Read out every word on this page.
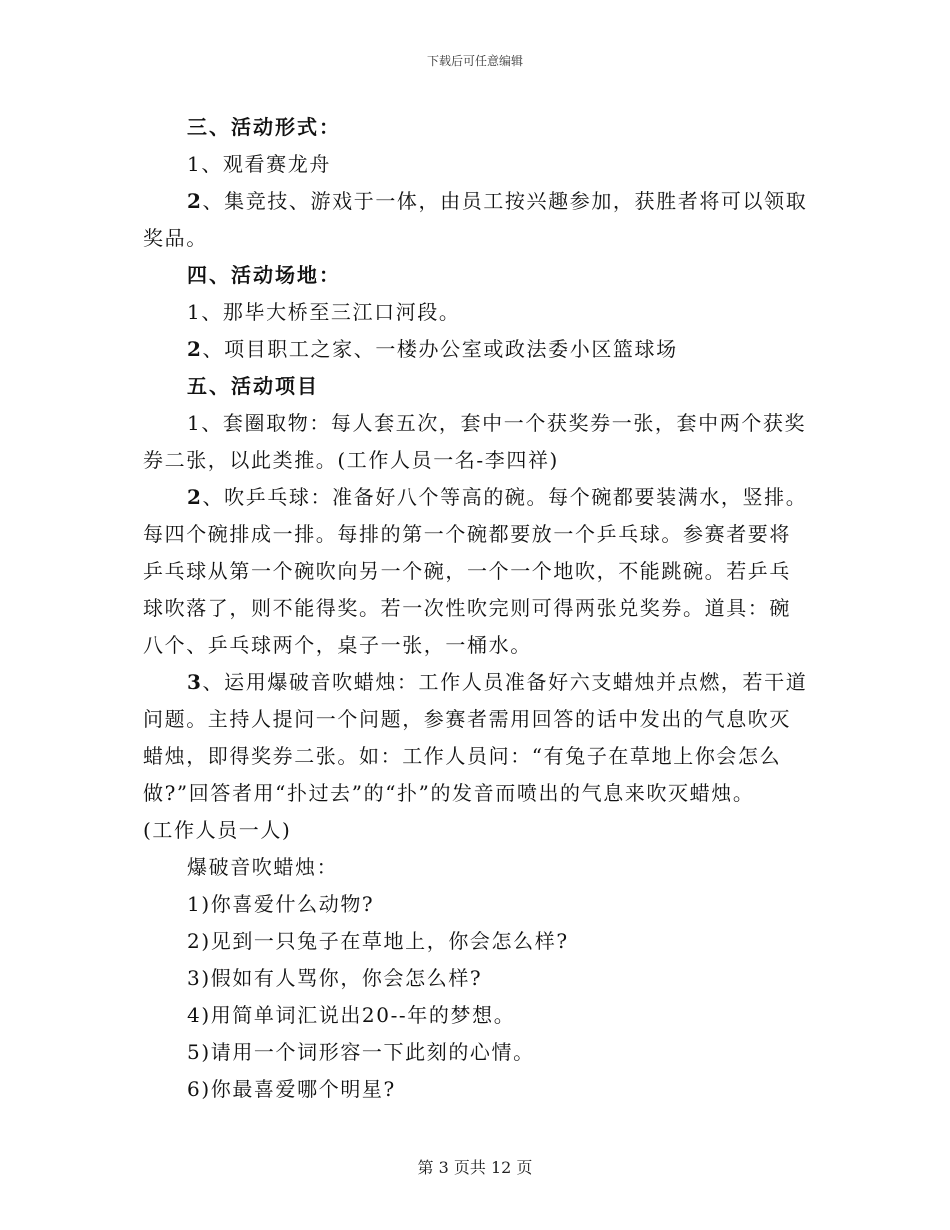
下载后可任意编辑
三、活动形式：
1、观看赛龙舟
2、集竞技、游戏于一体，由员工按兴趣参加，获胜者将可以领取
奖品。
四、活动场地：
1、那毕大桥至三江口河段。
2、项目职工之家、一楼办公室或政法委小区篮球场
五、活动项目
1、套圈取物：每人套五次，套中一个获奖券一张，套中两个获奖
券二张，以此类推。(工作人员一名-李四祥)
2、吹乒乓球：准备好八个等高的碗。每个碗都要装满水，竖排。
每四个碗排成一排。每排的第一个碗都要放一个乒乓球。参赛者要将
乒乓球从第一个碗吹向另一个碗，一个一个地吹，不能跳碗。若乒乓
球吹落了，则不能得奖。若一次性吹完则可得两张兑奖券。道具：碗
八个、乒乓球两个，桌子一张，一桶水。
3、运用爆破音吹蜡烛：工作人员准备好六支蜡烛并点燃，若干道
问题。主持人提问一个问题，参赛者需用回答的话中发出的气息吹灭
蜡烛，即得奖券二张。如：工作人员问：“有兔子在草地上你会怎么
做?”回答者用“扑过去”的“扑”的发音而喷出的气息来吹灭蜡烛。
(工作人员一人)
爆破音吹蜡烛：
1)你喜爱什么动物?
2)见到一只兔子在草地上，你会怎么样?
3)假如有人骂你，你会怎么样?
4)用简单词汇说出20--年的梦想。
5)请用一个词形容一下此刻的心情。
6)你最喜爱哪个明星?
第 3 页共 12 页
